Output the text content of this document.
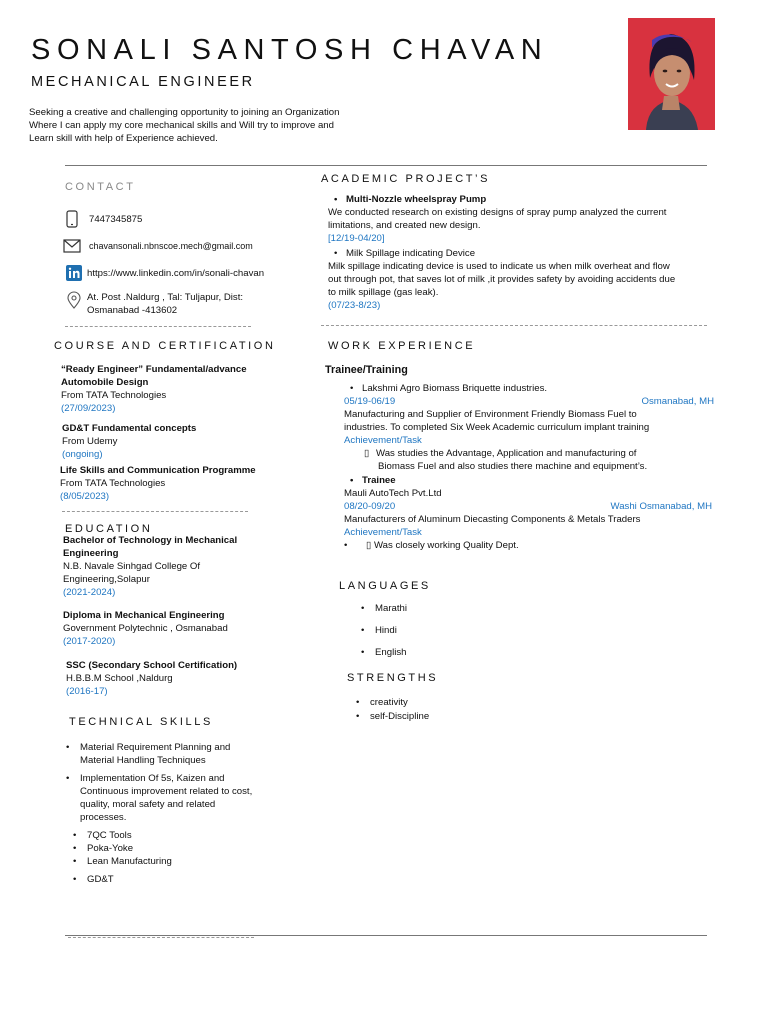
SONALI SANTOSH CHAVAN
MECHANICAL ENGINEER
Seeking a creative and challenging opportunity to joining an Organization
Where I can apply my core mechanical skills and Will try to improve and
Learn skill with help of Experience achieved.
CONTACT
7447345875
chavansonali.nbnscoe.mech@gmail.com
https://www.linkedin.com/in/sonali-chavan
At. Post .Naldurg , Tal: Tuljapur, Dist:
Osmanabad -413602
COURSE AND CERTIFICATION
“Ready Engineer” Fundamental/advance
Automobile Design
From TATA Technologies
(27/09/2023)
GD&T Fundamental concepts
From Udemy
(ongoing)
Life Skills and Communication Programme
From TATA Technologies
(8/05/2023)
EDUCATION
Bachelor of Technology in Mechanical
Engineering
N.B. Navale Sinhgad College Of
Engineering,Solapur
(2021-2024)
Diploma in Mechanical Engineering
Government Polytechnic , Osmanabad
(2017-2020)
SSC (Secondary School Certification)
H.B.B.M School ,Naldurg
(2016-17)
TECHNICAL SKILLS
• Material Requirement Planning and
Material Handling Techniques
• Implementation Of 5s, Kaizen and
Continuous improvement related to cost,
quality, moral safety and related
processes.
• 7QC Tools
• Poka-Yoke
• Lean Manufacturing
• GD&T
ACADEMIC PROJECT’S
Multi-Nozzle wheelspray Pump
We conducted research on existing designs of spray pump analyzed the current
limitations, and created new design.
[12/19-04/20]
Milk Spillage indicating Device
Milk spillage indicating device is used to indicate us when milk overheat and flow
out through pot, that saves lot of milk ,it provides safety by avoiding accidents due
to milk spillage (gas leak).
(07/23-8/23)
WORK EXPERIENCE
Trainee/Training
Lakshmi Agro Biomass Briquette industries.
05/19-06/19	Osmanabad, MH
Manufacturing and Supplier of Environment Friendly Biomass Fuel to
industries. To completed Six Week Academic curriculum implant training
Achievement/Task
▯ Was studies the Advantage, Application and manufacturing of
Biomass Fuel and also studies there machine and equipment’s.
Trainee
Mauli AutoTech Pvt.Ltd
08/20-09/20	Washi Osmanabad, MH
Manufacturers of Aluminum Diecasting Components & Metals Traders
Achievement/Task
▯ Was closely working Quality Dept.
LANGUAGES
• Marathi
• Hindi
• English
STRENGTHS
• creativity
• self-Discipline
